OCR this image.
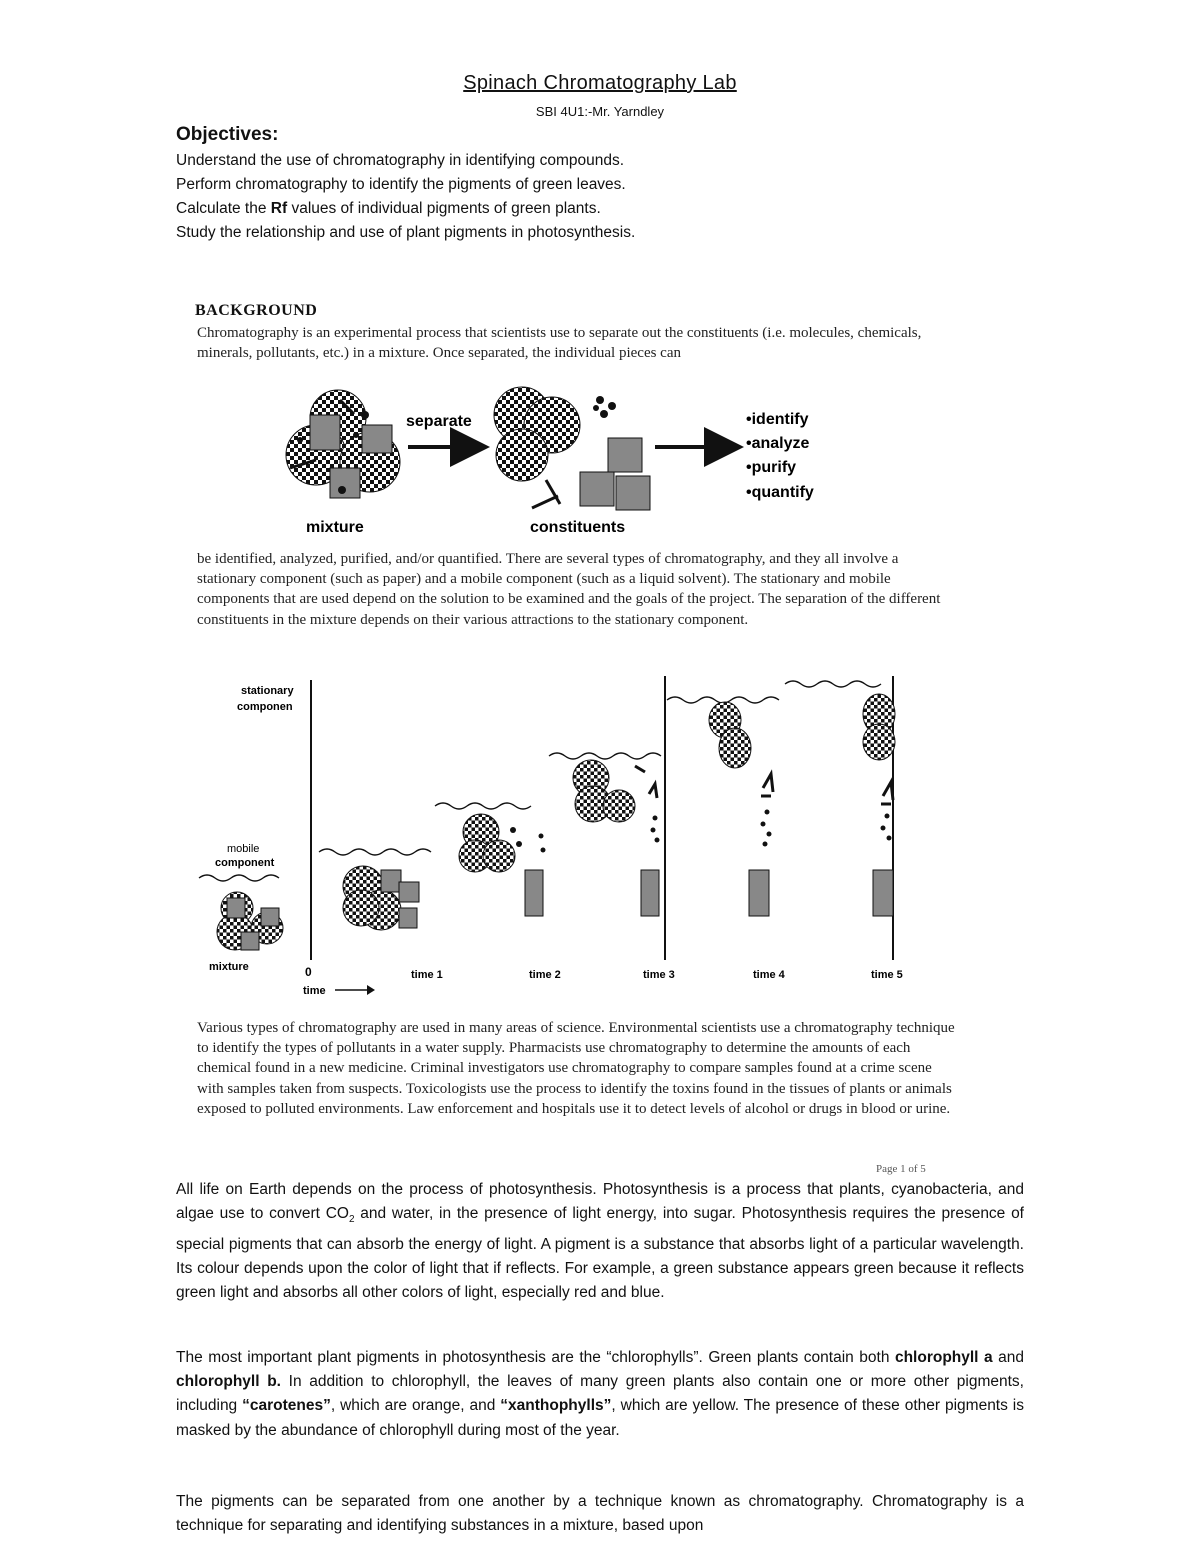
Spinach Chromatography Lab
SBI 4U1:-Mr. Yarndley
Objectives:
Understand the use of chromatography in identifying compounds.
Perform chromatography to identify the pigments of green leaves.
Calculate the Rf values of individual pigments of green plants.
Study the relationship and use of plant pigments in photosynthesis.
BACKGROUND
Chromatography is an experimental process that scientists use to separate out the constituents (i.e. molecules, chemicals, minerals, pollutants, etc.) in a mixture. Once separated, the individual pieces can
separate
mixture	constituents
•identify
•analyze
•purify
•quantify
be identified, analyzed, purified, and/or quantified. There are several types of chromatography, and they all involve a stationary component (such as paper) and a mobile component (such as a liquid solvent). The stationary and mobile components that are used depend on the solution to be examined and the goals of the project. The separation of the different constituents in the mixture depends on their various attractions to the stationary component.
stationary
componen
mobile
component
mixture	0
time
time 1	time 2	time 3	time 4	time 5
Various types of chromatography are used in many areas of science. Environmental scientists use a chromatography technique to identify the types of pollutants in a water supply. Pharmacists use chromatography to determine the amounts of each chemical found in a new medicine. Criminal investigators use chromatography to compare samples found at a crime scene with samples taken from suspects. Toxicologists use the process to identify the toxins found in the tissues of plants or animals exposed to polluted environments. Law enforcement and hospitals use it to detect levels of alcohol or drugs in blood or urine.
Page 1 of 5
All life on Earth depends on the process of photosynthesis. Photosynthesis is a process that plants, cyanobacteria, and algae use to convert $CO_2$ and water, in the presence of light energy, into sugar. Photosynthesis requires the presence of special pigments that can absorb the energy of light. A pigment is a substance that absorbs light of a particular wavelength. Its colour depends upon the color of light that if reflects. For example, a green substance appears green because it reflects green light and absorbs all other colors of light, especially red and blue.
The most important plant pigments in photosynthesis are the “chlorophylls”. Green plants contain both chlorophyll a and chlorophyll b. In addition to chlorophyll, the leaves of many green plants also contain one or more other pigments, including “carotenes”, which are orange, and “xanthophylls”, which are yellow. The presence of these other pigments is masked by the abundance of chlorophyll during most of the year.
The pigments can be separated from one another by a technique known as chromatography. Chromatography is a technique for separating and identifying substances in a mixture, based upon
